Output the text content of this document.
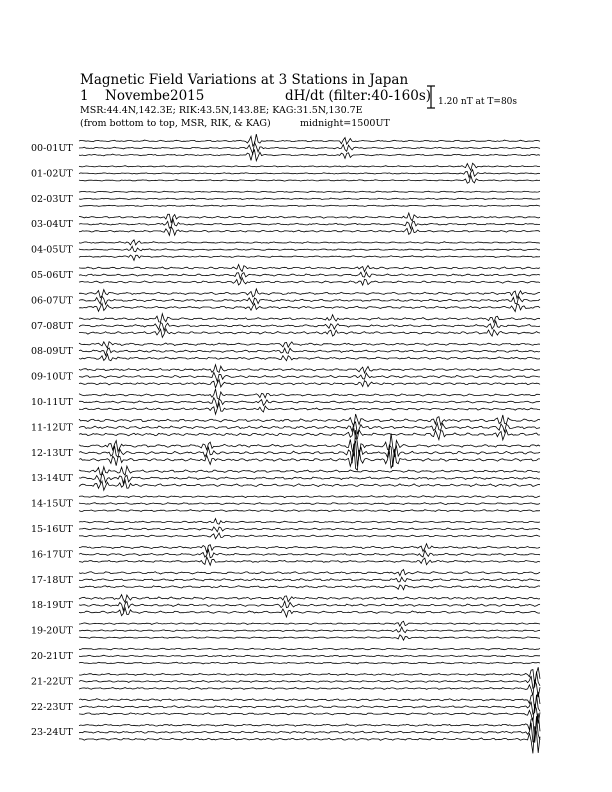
Magnetic Field Variations at 3 Stations in Japan
1 Novembe2015	dH/dt (filter:40-160s)
MSR:44.4N,142.3E; RIK:43.5N,143.8E; KAG:31.5N,130.7E
(from bottom to top, MSR, RIK, & KAG)	midnight=1500UT
1.20 nT at T=80s
00-01UT
01-02UT
02-03UT
03-04UT
04-05UT
05-06UT
06-07UT
07-08UT
08-09UT
09-10UT
10-11UT
11-12UT
12-13UT
13-14UT
14-15UT
15-16UT
16-17UT
17-18UT
18-19UT
19-20UT
20-21UT
21-22UT
22-23UT
23-24UT
